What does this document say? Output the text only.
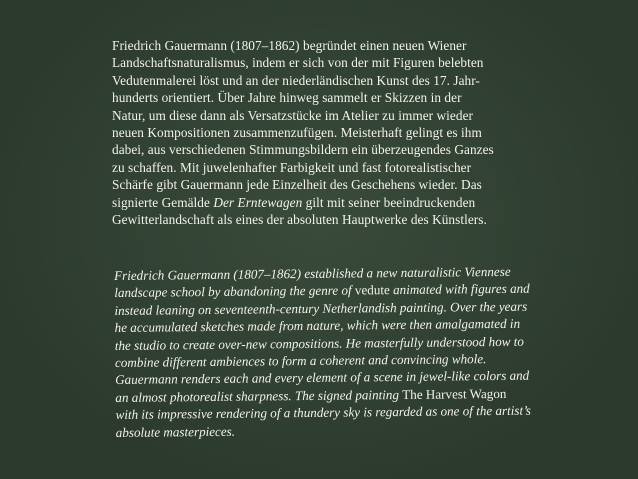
Friedrich Gauermann (1807–1862) begründet einen neuen Wiener
Landschaftsnaturalismus, indem er sich von der mit Figuren belebten
Vedutenmalerei löst und an der niederländischen Kunst des 17. Jahr-
hunderts orientiert. Über Jahre hinweg sammelt er Skizzen in der
Natur, um diese dann als Versatzstücke im Atelier zu immer wieder
neuen Kompositionen zusammenzufügen. Meisterhaft gelingt es ihm
dabei, aus verschiedenen Stimmungsbildern ein überzeugendes Ganzes
zu schaffen. Mit juwelenhafter Farbigkeit und fast fotorealistischer
Schärfe gibt Gauermann jede Einzelheit des Geschehens wieder. Das
signierte Gemälde Der Erntewagen gilt mit seiner beeindruckenden
Gewitterlandschaft als eines der absoluten Hauptwerke des Künstlers.

Friedrich Gauermann (1807–1862) established a new naturalistic Viennese
landscape school by abandoning the genre of vedute animated with figures and
instead leaning on seventeenth-century Netherlandish painting. Over the years
he accumulated sketches made from nature, which were then amalgamated in
the studio to create over-new compositions. He masterfully understood how to
combine different ambiences to form a coherent and convincing whole.
Gauermann renders each and every element of a scene in jewel-like colors and
an almost photorealist sharpness. The signed painting The Harvest Wagon
with its impressive rendering of a thundery sky is regarded as one of the artist’s
absolute masterpieces.
